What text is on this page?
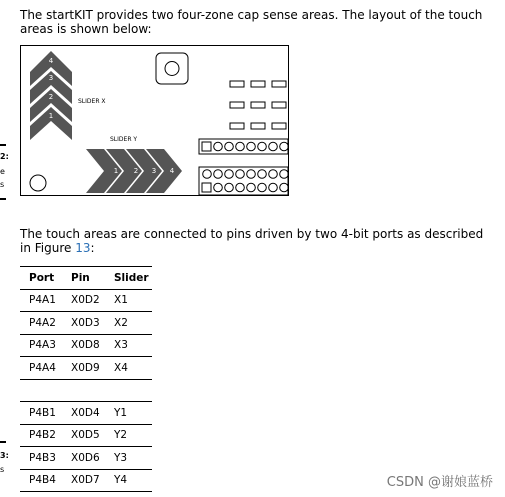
2:
e
s
3:
s

The startKIT provides two four-zone cap sense areas. The layout of the touch areas is shown below:

4
3
2
1
SLIDER X
1 2 3 4
SLIDER Y

The touch areas are connected to pins driven by two 4-bit ports as described in Figure 13:

Port	Pin	Slider
P4A1	X0D2	X1
P4A2	X0D3	X2
P4A3	X0D8	X3
P4A4	X0D9	X4

P4B1	X0D4	Y1
P4B2	X0D5	Y2
P4B3	X0D6	Y3
P4B4	X0D7	Y4	CSDN @谢娘蓝桥
